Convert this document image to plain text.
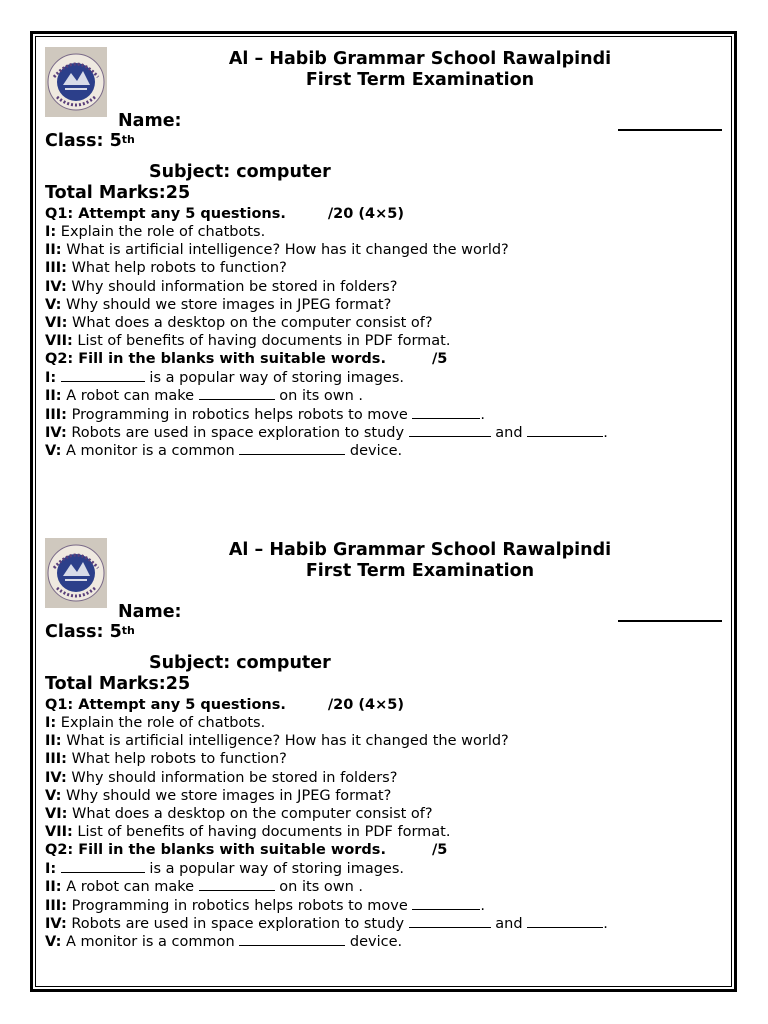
Al – Habib Grammar School Rawalpindi
First Term Examination
Name:
Class: 5th
Subject: computer
Total Marks:25
Q1: Attempt any 5 questions.	/20 (4×5)
I: Explain the role of chatbots.
II: What is artificial intelligence? How has it changed the world?
III: What help robots to function?
IV: Why should information be stored in folders?
V: Why should we store images in JPEG format?
VI: What does a desktop on the computer consist of?
VII: List of benefits of having documents in PDF format.
Q2: Fill in the blanks with suitable words.	/5
I:	is a popular way of storing images.
II: A robot can make	on its own .
III: Programming in robotics helps robots to move	.
IV: Robots are used in space exploration to study	and	.
V: A monitor is a common	device.
Al – Habib Grammar School Rawalpindi
First Term Examination
Name:
Class: 5th
Subject: computer
Total Marks:25
Q1: Attempt any 5 questions.	/20 (4×5)
I: Explain the role of chatbots.
II: What is artificial intelligence? How has it changed the world?
III: What help robots to function?
IV: Why should information be stored in folders?
V: Why should we store images in JPEG format?
VI: What does a desktop on the computer consist of?
VII: List of benefits of having documents in PDF format.
Q2: Fill in the blanks with suitable words.	/5
I:	is a popular way of storing images.
II: A robot can make	on its own .
III: Programming in robotics helps robots to move	.
IV: Robots are used in space exploration to study	and	.
V: A monitor is a common	device.
